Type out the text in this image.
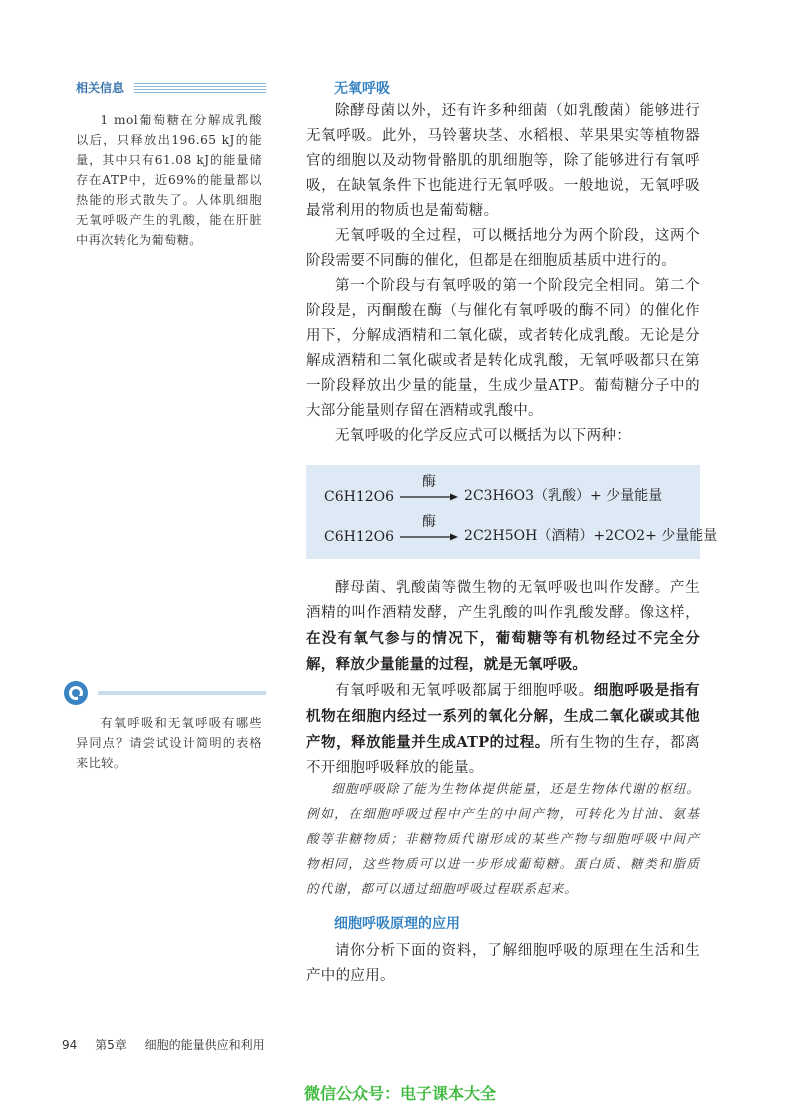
相关信息

1 mol葡萄糖在分解成乳酸以后，只释放出196.65 kJ的能量，其中只有61.08 kJ的能量储存在ATP中，近69%的能量都以热能的形式散失了。人体肌细胞无氧呼吸产生的乳酸，能在肝脏中再次转化为葡萄糖。

有氧呼吸和无氧呼吸有哪些异同点？请尝试设计简明的表格来比较。

无氧呼吸

除酵母菌以外，还有许多种细菌（如乳酸菌）能够进行无氧呼吸。此外，马铃薯块茎、水稻根、苹果果实等植物器官的细胞以及动物骨骼肌的肌细胞等，除了能够进行有氧呼吸，在缺氧条件下也能进行无氧呼吸。一般地说，无氧呼吸最常利用的物质也是葡萄糖。

无氧呼吸的全过程，可以概括地分为两个阶段，这两个阶段需要不同酶的催化，但都是在细胞质基质中进行的。

第一个阶段与有氧呼吸的第一个阶段完全相同。第二个阶段是，丙酮酸在酶（与催化有氧呼吸的酶不同）的催化作用下，分解成酒精和二氧化碳，或者转化成乳酸。无论是分解成酒精和二氧化碳或者是转化成乳酸，无氧呼吸都只在第一阶段释放出少量的能量，生成少量ATP。葡萄糖分子中的大部分能量则存留在酒精或乳酸中。

无氧呼吸的化学反应式可以概括为以下两种：

C6H12O6
酶
2C3H6O3（乳酸）+ 少量能量
C6H12O6
酶
2C2H5OH（酒精）+2CO2+ 少量能量

酵母菌、乳酸菌等微生物的无氧呼吸也叫作发酵。产生酒精的叫作酒精发酵，产生乳酸的叫作乳酸发酵。像这样，在没有氧气参与的情况下，葡萄糖等有机物经过不完全分解，释放少量能量的过程，就是无氧呼吸。

有氧呼吸和无氧呼吸都属于细胞呼吸。细胞呼吸是指有机物在细胞内经过一系列的氧化分解，生成二氧化碳或其他产物，释放能量并生成ATP的过程。所有生物的生存，都离不开细胞呼吸释放的能量。

细胞呼吸除了能为生物体提供能量，还是生物体代谢的枢纽。例如，在细胞呼吸过程中产生的中间产物，可转化为甘油、氨基酸等非糖物质；非糖物质代谢形成的某些产物与细胞呼吸中间产物相同，这些物质可以进一步形成葡萄糖。蛋白质、糖类和脂质的代谢，都可以通过细胞呼吸过程联系起来。

细胞呼吸原理的应用

请你分析下面的资料，了解细胞呼吸的原理在生活和生产中的应用。

94 第5章 细胞的能量供应和利用
微信公众号：电子课本大全
